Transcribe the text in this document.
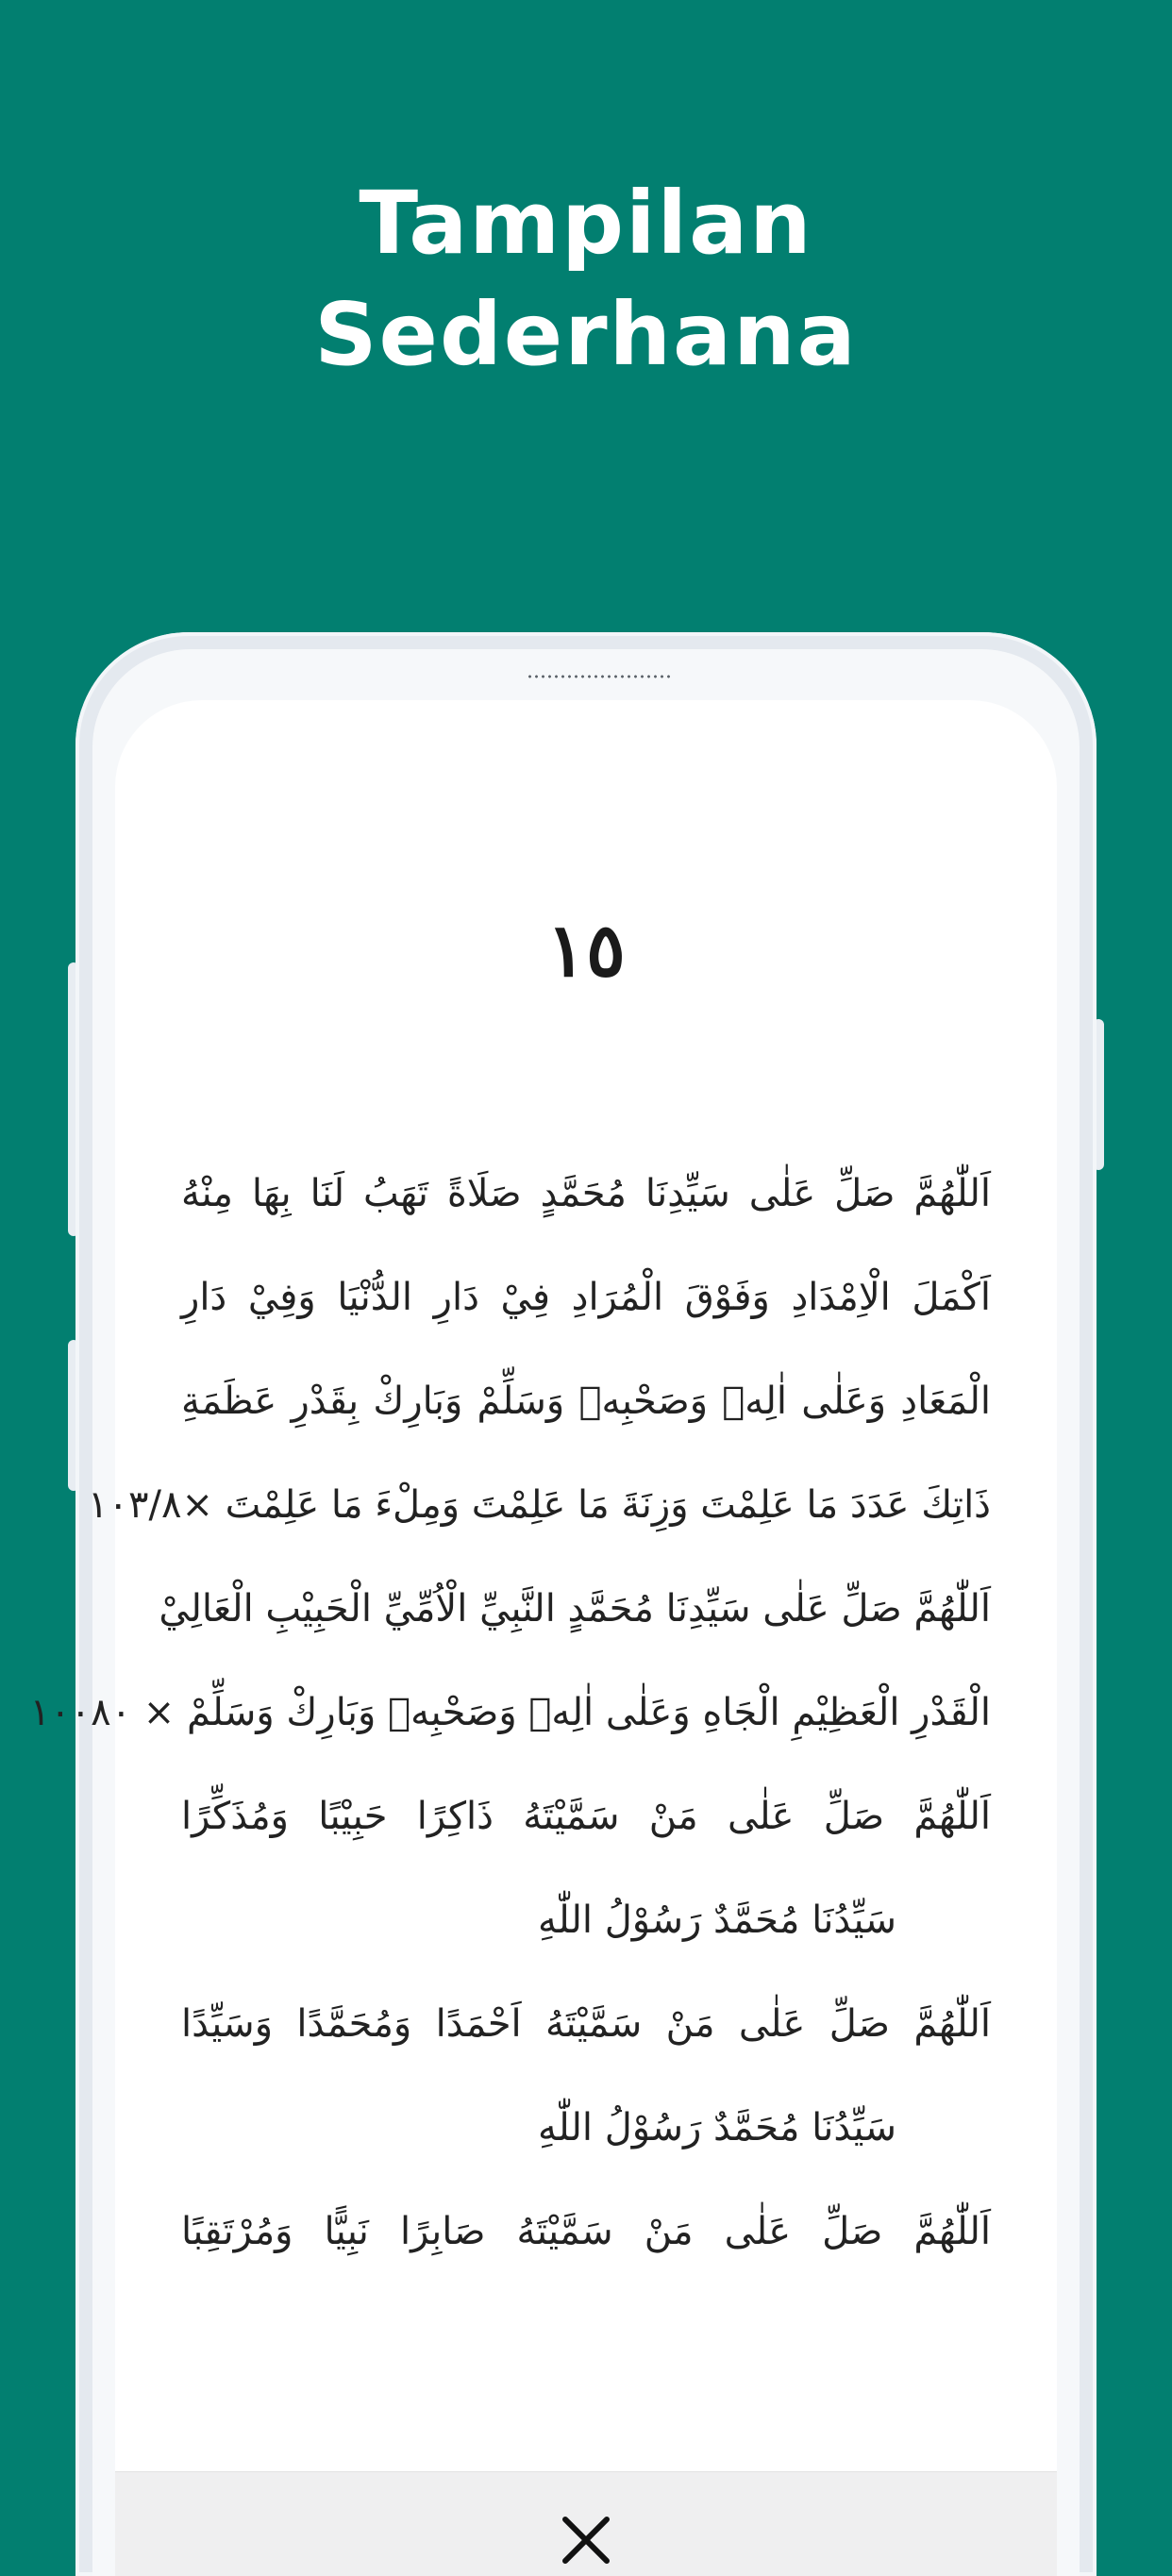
Tampilan
Sederhana
١٥
اَللّٰهُمَّ صَلِّ عَلٰى سَيِّدِنَا مُحَمَّدٍ صَلَاةً تَهَبُ لَنَا بِهَا مِنْهُ
اَكْمَلَ الْاِمْدَادِ وَفَوْقَ الْمُرَادِ فِيْ دَارِ الدُّنْيَا وَفِيْ دَارِ
الْمَعَادِ وَعَلٰى اٰلِهٖ وَصَحْبِهٖ وَسَلِّمْ وَبَارِكْ بِقَدْرِ عَظَمَةِ
ذَاتِكَ عَدَدَ مَا عَلِمْتَ وَزِنَةَ مَا عَلِمْتَ وَمِلْءَ مَا عَلِمْتَ ×١٠٣/٨
اَللّٰهُمَّ صَلِّ عَلٰى سَيِّدِنَا مُحَمَّدٍ النَّبِيِّ الْاُمِّيِّ الْحَبِيْبِ الْعَالِيْ
الْقَدْرِ الْعَظِيْمِ الْجَاهِ وَعَلٰى اٰلِهٖ وَصَحْبِهٖ وَبَارِكْ وَسَلِّمْ × ١٠٠٨٠
اَللّٰهُمَّ صَلِّ عَلٰى مَنْ سَمَّيْتَهُ ذَاكِرًا حَبِيْبًا وَمُذَكِّرًا
سَيِّدُنَا مُحَمَّدٌ رَسُوْلُ اللّٰهِ
اَللّٰهُمَّ صَلِّ عَلٰى مَنْ سَمَّيْتَهُ اَحْمَدًا وَمُحَمَّدًا وَسَيِّدًا
سَيِّدُنَا مُحَمَّدٌ رَسُوْلُ اللّٰهِ
اَللّٰهُمَّ صَلِّ عَلٰى مَنْ سَمَّيْتَهُ صَابِرًا نَبِيًّا وَمُرْتَقِبًا
